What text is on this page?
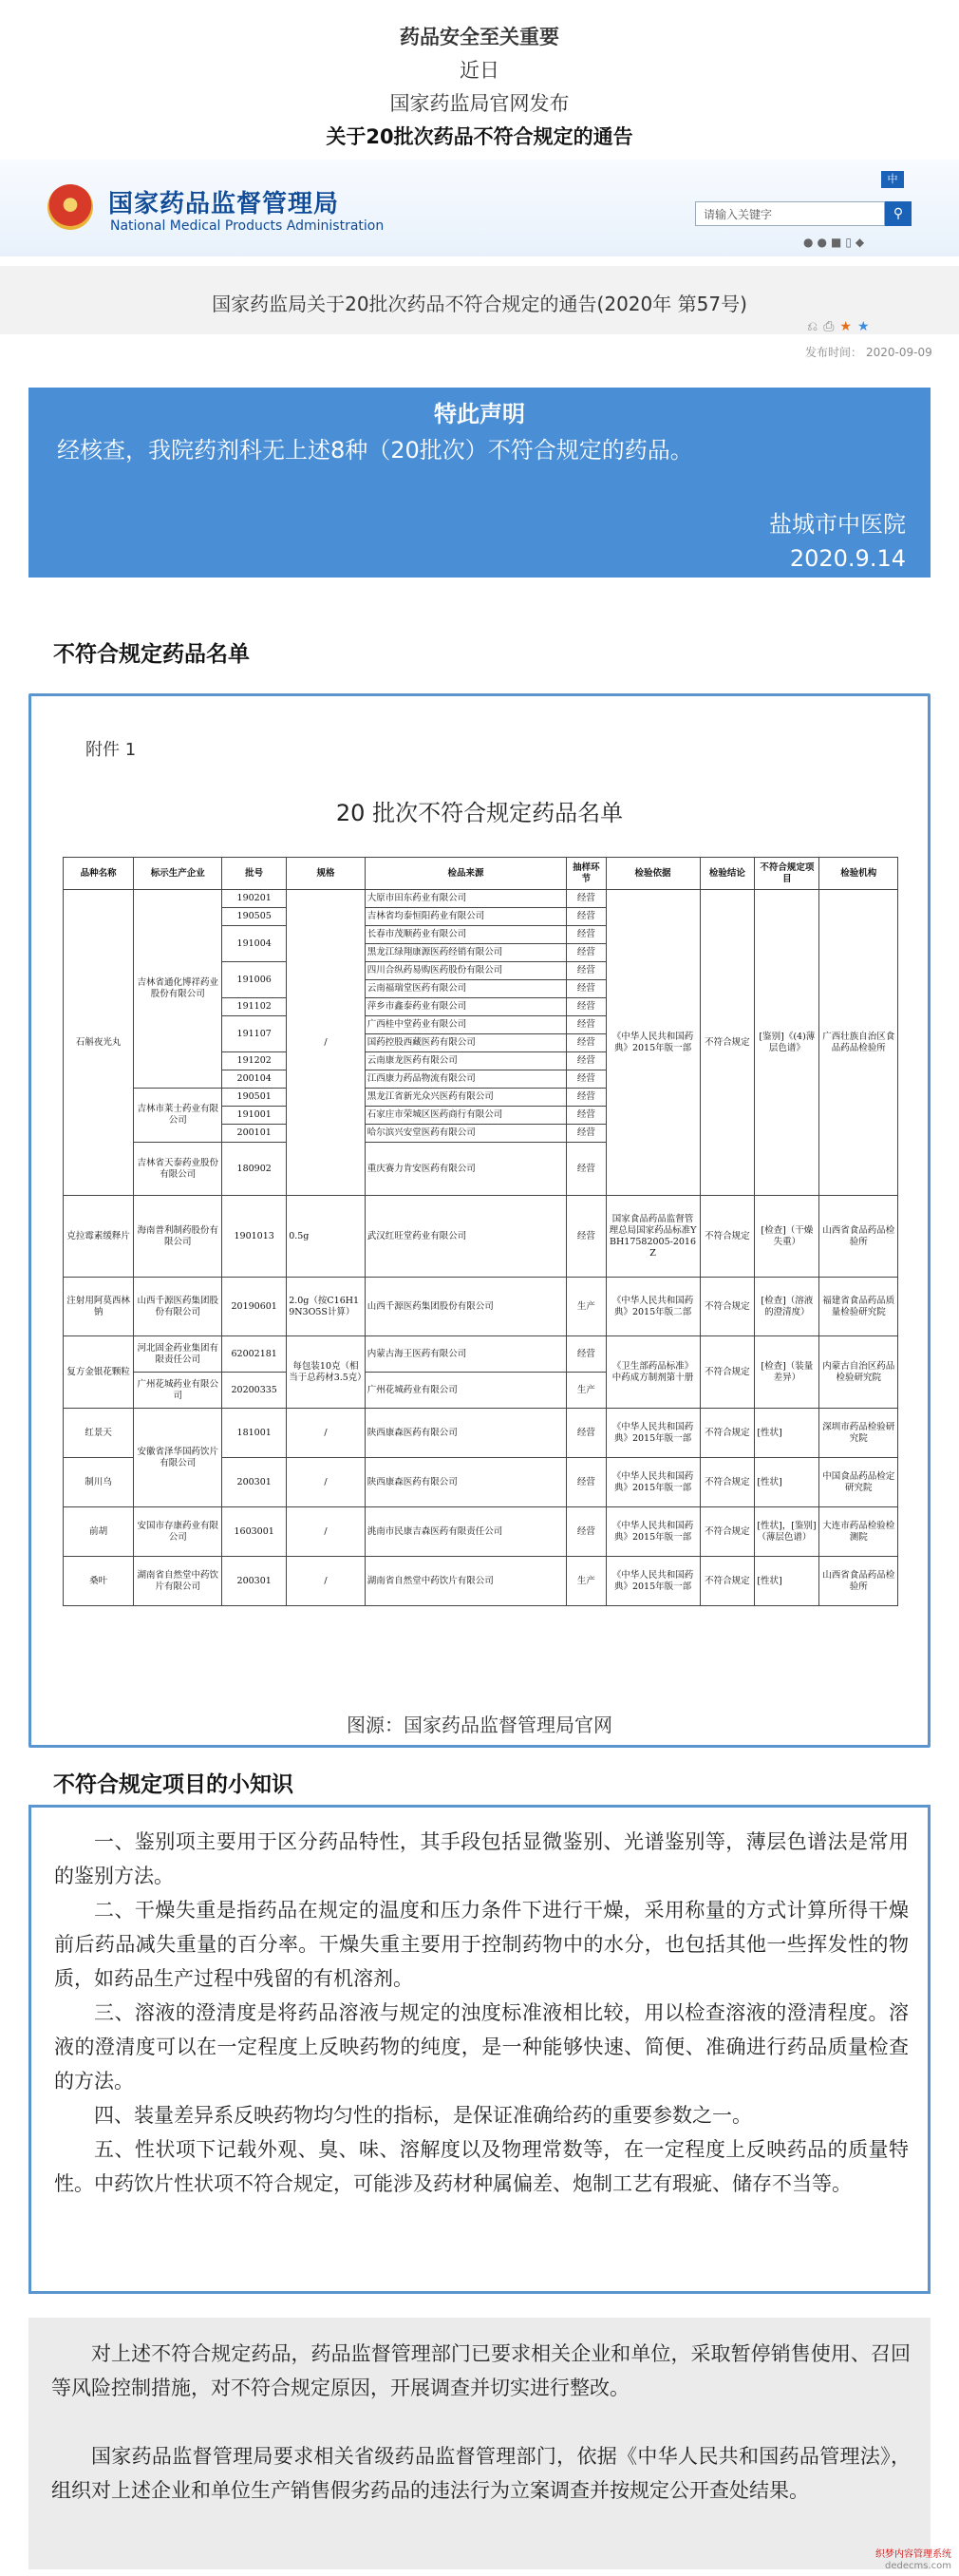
药品安全至关重要
近日
国家药监局官网发布
关于20批次药品不符合规定的通告
国家药品监督管理局
National Medical Products Administration
中
请输入关键字	⚲
●●■▯◆
国家药监局关于20批次药品不符合规定的通告(2020年 第57号)
⎌⎙★★
发布时间： 2020-09-09
特此声明
经核查，我院药剂科无上述8种（20批次）不符合规定的药品。
盐城市中医院
2020.9.14
不符合规定药品名单
附件 1
20 批次不符合规定药品名单
品种名称	标示生产企业	批号	规格	检品来源	抽样环节	检验依据	检验结论	不符合规定项目	检验机构
石斛夜光丸	吉林省通化博祥药业股份有限公司	190201	/	大原市田东药业有限公司	经营	《中华人民共和国药典》2015年版一部	不符合规定	[鉴别]《(4)薄层色谱》	广西壮族自治区食品药品检验所
		190505		吉林省均泰恒阳药业有限公司	经营				
		191004		长春市茂顺药业有限公司	经营				
				黑龙江绿翔康源医药经销有限公司	经营				
		191006		四川合纵药易购医药股份有限公司	经营				
				云南福瑞堂医药有限公司	经营				
		191102		萍乡市鑫泰药业有限公司	经营				
		191107		广西桂中堂药业有限公司	经营				
				国药控股西藏医药有限公司	经营				
		191202		云南康龙医药有限公司	经营				
		200104		江西康力药品物流有限公司	经营				
	吉林市莱士药业有限公司	190501		黑龙江省新光众兴医药有限公司	经营				
		191001		石家庄市荣城区医药商行有限公司	经营				
		200101		哈尔滨兴安堂医药有限公司	经营				
	吉林省天泰药业股份有限公司	180902		重庆赛力肯安医药有限公司	经营				
克拉霉素缓释片	海南普利制药股份有限公司	1901013	0.5g	武汉红旺堂药业有限公司	经营	国家食品药品监督管理总局国家药品标准YBH17582005-2016Z	不符合规定	[检查]（干燥失重）	山西省食品药品检验所
注射用阿莫西林钠	山西千源医药集团股份有限公司	20190601	2.0g（按C16H19N3O5S计算）	山西千源医药集团股份有限公司	生产	《中华人民共和国药典》2015年版二部	不符合规定	[检查]（溶液的澄清度）	福建省食品药品质量检验研究院
复方金银花颗粒	河北固金药业集团有限责任公司	62002181	每包装10克（相当于总药材3.5克）	内蒙古海王医药有限公司	经营	《卫生部药品标准》中药成方制剂第十册	不符合规定	[检查]（装量差异）	内蒙古自治区药品检验研究院
	广州花城药业有限公司	20200335		广州花城药业有限公司	生产				
红景天	安徽省泽华国药饮片有限公司	181001	/	陕西康森医药有限公司	经营	《中华人民共和国药典》2015年版一部	不符合规定	[性状]	深圳市药品检验研究院
制川乌		200301	/	陕西康森医药有限公司	经营	《中华人民共和国药典》2015年版一部	不符合规定	[性状]	中国食品药品检定研究院
前胡	安国市存康药业有限公司	1603001	/	洮南市民康吉森医药有限责任公司	经营	《中华人民共和国药典》2015年版一部	不符合规定	[性状]，[鉴别]（薄层色谱）	大连市药品检验检测院
桑叶	湖南省自然堂中药饮片有限公司	200301	/	湖南省自然堂中药饮片有限公司	生产	《中华人民共和国药典》2015年版一部	不符合规定	[性状]	山西省食品药品检验所
图源：国家药品监督管理局官网
不符合规定项目的小知识

一、鉴别项主要用于区分药品特性，其手段包括显微鉴别、光谱鉴别等，薄层色谱法是常用的鉴别方法。

二、干燥失重是指药品在规定的温度和压力条件下进行干燥，采用称量的方式计算所得干燥前后药品减失重量的百分率。干燥失重主要用于控制药物中的水分，也包括其他一些挥发性的物质，如药品生产过程中残留的有机溶剂。

三、溶液的澄清度是将药品溶液与规定的浊度标准液相比较，用以检查溶液的澄清程度。溶液的澄清度可以在一定程度上反映药物的纯度，是一种能够快速、简便、准确进行药品质量检查的方法。

四、装量差异系反映药物均匀性的指标，是保证准确给药的重要参数之一。

五、性状项下记载外观、臭、味、溶解度以及物理常数等，在一定程度上反映药品的质量特性。中药饮片性状项不符合规定，可能涉及药材种属偏差、炮制工艺有瑕疵、储存不当等。

对上述不符合规定药品，药品监督管理部门已要求相关企业和单位，采取暂停销售使用、召回等风险控制措施，对不符合规定原因，开展调查并切实进行整改。

国家药品监督管理局要求相关省级药品监督管理部门，依据《中华人民共和国药品管理法》，组织对上述企业和单位生产销售假劣药品的违法行为立案调查并按规定公开查处结果。

织梦内容管理系统
dedecms.com
